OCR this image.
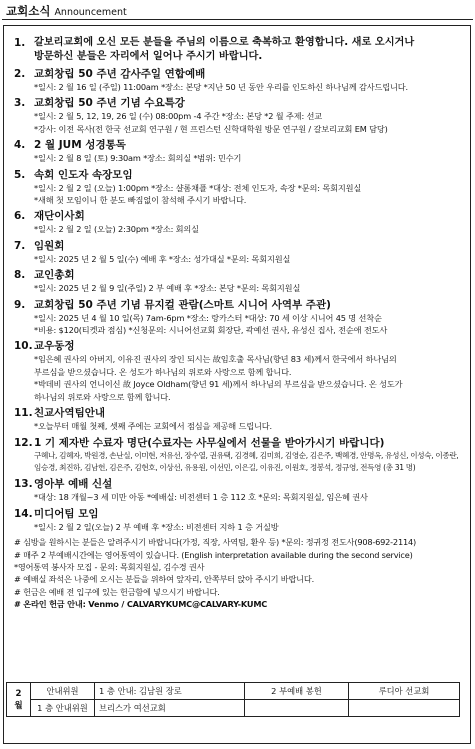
교회소식 Announcement
1. 갈보리교회에 오신 모든 분들을 주님의 이름으로 축복하고 환영합니다. 새로 오시거나
방문하신 분들은 자리에서 일어나 주시기 바랍니다.
2. 교회창립 50 주년 감사주일 연합예배
*일시: 2 월 16 일 (주일) 11:00am *장소: 본당 *지난 50 년 동안 우리를 인도하신 하나님께 감사드립니다.
3. 교회창립 50 주년 기념 수요특강
*일시: 2 월 5, 12, 19, 26 일 (수) 08:00pm -4 주간 *장소: 본당 *2 월 주제: 선교
*강사: 이전 목사(전 한국 선교회 연구원 / 현 프린스턴 신학대학원 방문 연구원 / 갈보리교회 EM 담당)
4. 2 월 JUM 성경통독
*일시: 2 월 8 일 (토) 9:30am *장소: 회의실 *범위: 민수기
5. 속회 인도자 속장모임
*일시: 2 월 2 일 (오늘) 1:00pm *장소: 샬롬채플 *대상: 전체 인도자, 속장 *문의: 목회지원실
*새해 첫 모임이니 한 분도 빠짐없이 참석해 주시기 바랍니다.
6. 재단이사회
*일시: 2 월 2 일 (오늘) 2:30pm *장소: 회의실
7. 임원회
*일시: 2025 년 2 월 5 일(수) 예배 후 *장소: 성가대실 *문의: 목회지원실
8. 교인총회
*일시: 2025 년 2 월 9 일(주일) 2 부 예배 후 *장소: 본당 *문의: 목회지원실
9. 교회창립 50 주년 기념 뮤지컬 관람(스마트 시니어 사역부 주관)
*일시: 2025 년 4 월 10 일(목) 7am-6pm *장소: 랑카스터 *대상: 70 세 이상 시니어 45 명 선착순
*비용: $120(티켓과 점심) *신청문의: 시니어선교회 회장단, 곽예선 권사, 유성신 집사, 전순애 전도사
10. 교우동정
*임은혜 권사의 아버지, 이유진 권사의 장인 되시는 故임호출 목사님(향년 83 세)께서 한국에서 하나님의
부르심을 받으셨습니다. 온 성도가 하나님의 위로와 사랑으로 함께 합니다.
*박데비 권사의 언니이신 故 Joyce Oldham(향년 91 세)께서 하나님의 부르심을 받으셨습니다. 온 성도가
하나님의 위로와 사랑으로 함께 합니다.
11. 친교사역팀안내
*오늘부터 매월 첫째, 셋째 주에는 교회에서 점심을 제공해 드립니다.
12. 1 기 제자반 수료자 명단(수료자는 사무실에서 선물을 받아가시기 바랍니다)
구혜나, 김혜자, 박원경, 손난실, 이미현, 저유선, 장수열, 권유택, 김경혜, 김미희, 김영순, 김은주, 백혜경, 안명옥, 유성신, 이성숙, 이종란,
임승경, 최진하, 김남헌, 김은주, 김현호, 이상선, 유용원, 이선민, 이은길, 이유진, 이원호, 정봉석, 정규영, 전득영 (총 31 명)
13. 영아부 예배 신설
*대상: 18 개월~3 세 미만 아동 *예배실: 비전센터 1 층 112 호 *문의: 목회지원실, 임은혜 권사
14. 미디어팀 모임
*일시: 2 월 2 일(오늘) 2 부 예배 후 *장소: 비전센터 지하 1 층 거실방
# 심방을 원하시는 분들은 알려주시기 바랍니다(가정, 직장, 사역팀, 환우 등) *문의: 정귀정 전도사(908-692-2114)
# 매주 2 부예배시간에는 영어통역이 있습니다. (English interpretation available during the second service)
*영어통역 봉사자 모집 - 문의: 목회지원실, 김수경 권사
# 예배실 좌석은 나중에 오시는 분들을 위하여 앞자리, 안쪽부터 앉아 주시기 바랍니다.
# 헌금은 예배 전 입구에 있는 헌금함에 넣으시기 바랍니다.
# 온라인 헌금 안내: Venmo / CALVARYKUMC@CALVARY-KUMC
2 월	안내위원	1 층 안내: 김남원 장로	2 부예배 봉헌	루디아 선교회
	1 층 안내위원	브리스가 여선교회		
